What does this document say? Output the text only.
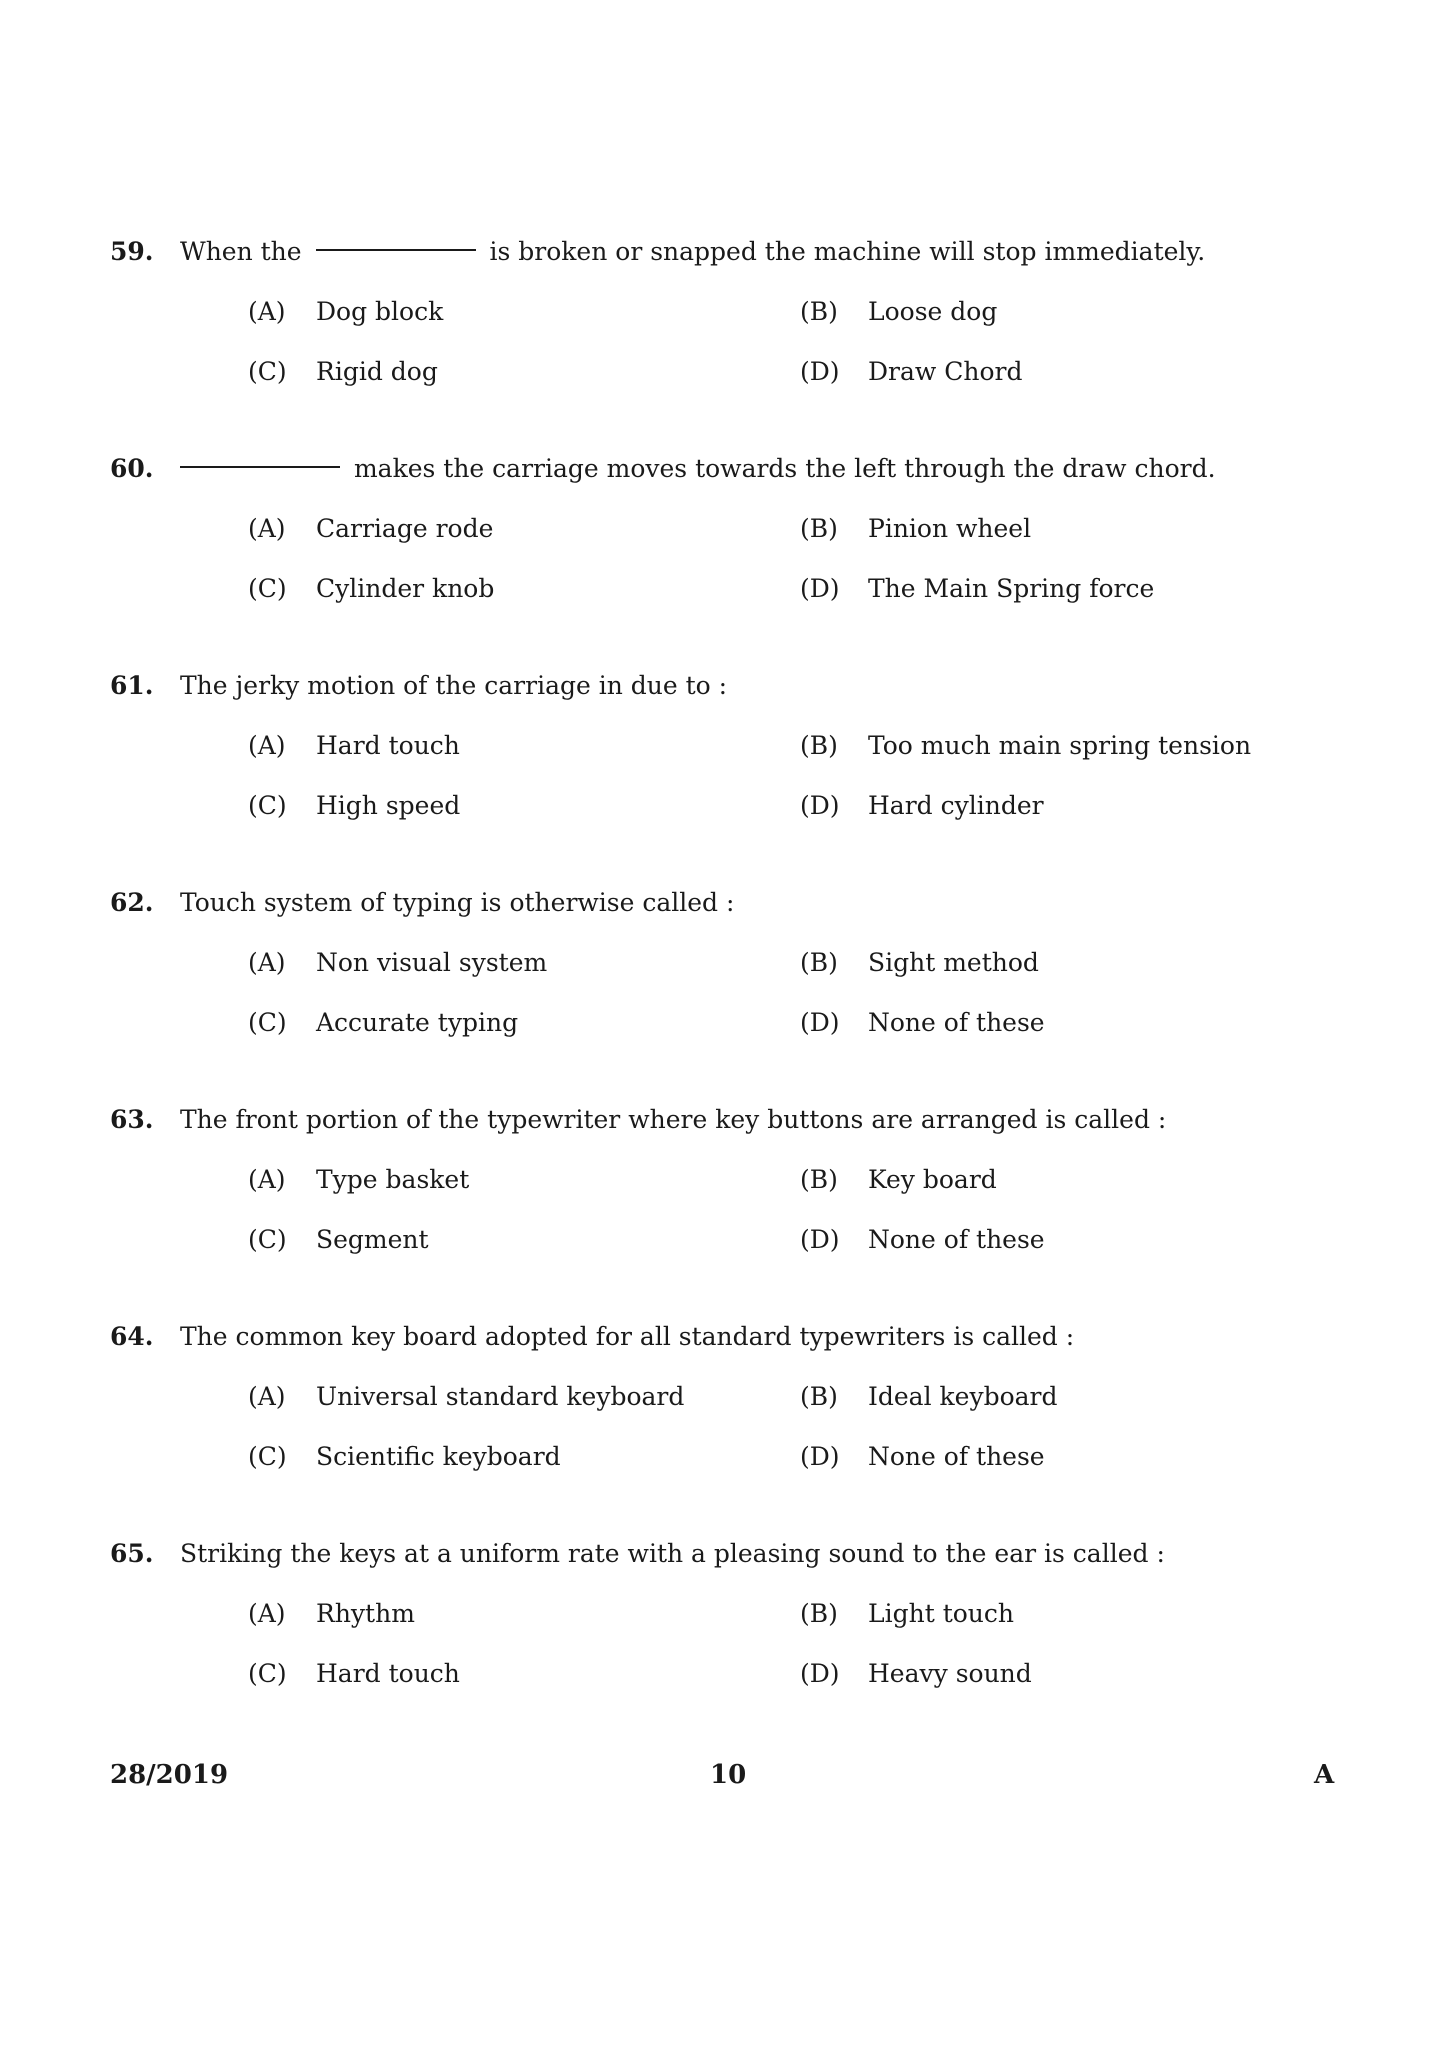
59. When the	is broken or snapped the machine will stop immediately.
(A) Dog block	(B) Loose dog
(C) Rigid dog	(D) Draw Chord
60.	makes the carriage moves towards the left through the draw chord.
(A) Carriage rode	(B) Pinion wheel
(C) Cylinder knob	(D) The Main Spring force
61. The jerky motion of the carriage in due to :
(A) Hard touch	(B) Too much main spring tension
(C) High speed	(D) Hard cylinder
62. Touch system of typing is otherwise called :
(A) Non visual system	(B) Sight method
(C) Accurate typing	(D) None of these
63. The front portion of the typewriter where key buttons are arranged is called :
(A) Type basket	(B) Key board
(C) Segment	(D) None of these
64. The common key board adopted for all standard typewriters is called :
(A) Universal standard keyboard	(B) Ideal keyboard
(C) Scientific keyboard	(D) None of these
65. Striking the keys at a uniform rate with a pleasing sound to the ear is called :
(A) Rhythm	(B) Light touch
(C) Hard touch	(D) Heavy sound
28/2019	10	A
